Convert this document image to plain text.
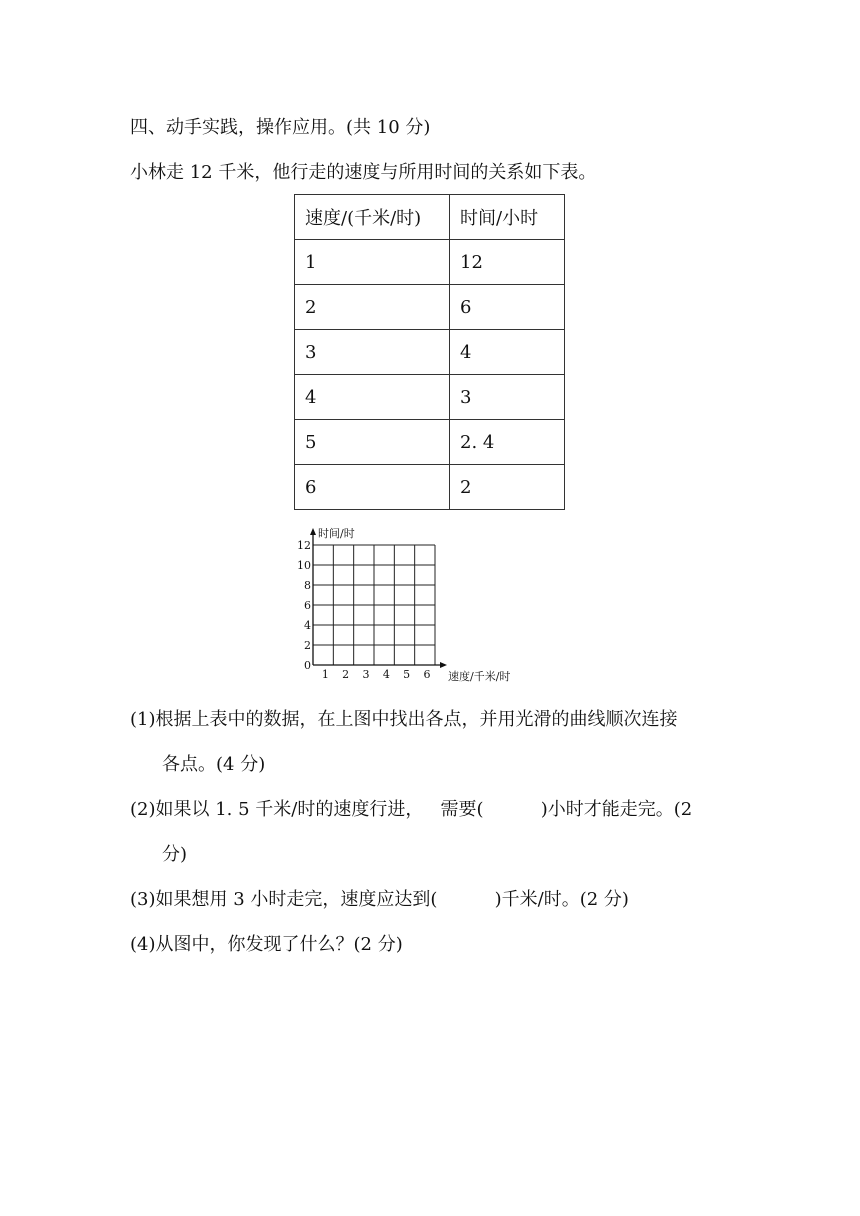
四、动手实践，操作应用。(共 10 分)
小林走 12 千米，他行走的速度与所用时间的关系如下表。
速度/(千米/时)	时间/小时
1	12
2	6
3	4
4	3
5	2. 4
6	2
0
2
4
6
8
10
12
1 2 3 4 5 6
时间/时
速度/千米/时
(1)根据上表中的数据，在上图中找出各点，并用光滑的曲线顺次连接
各点。(4 分)
(2)如果以 1. 5 千米/时的速度行进，   需要(          )小时才能走完。(2
分)
(3)如果想用 3 小时走完，速度应达到(          )千米/时。(2 分)
(4)从图中，你发现了什么？(2 分)
